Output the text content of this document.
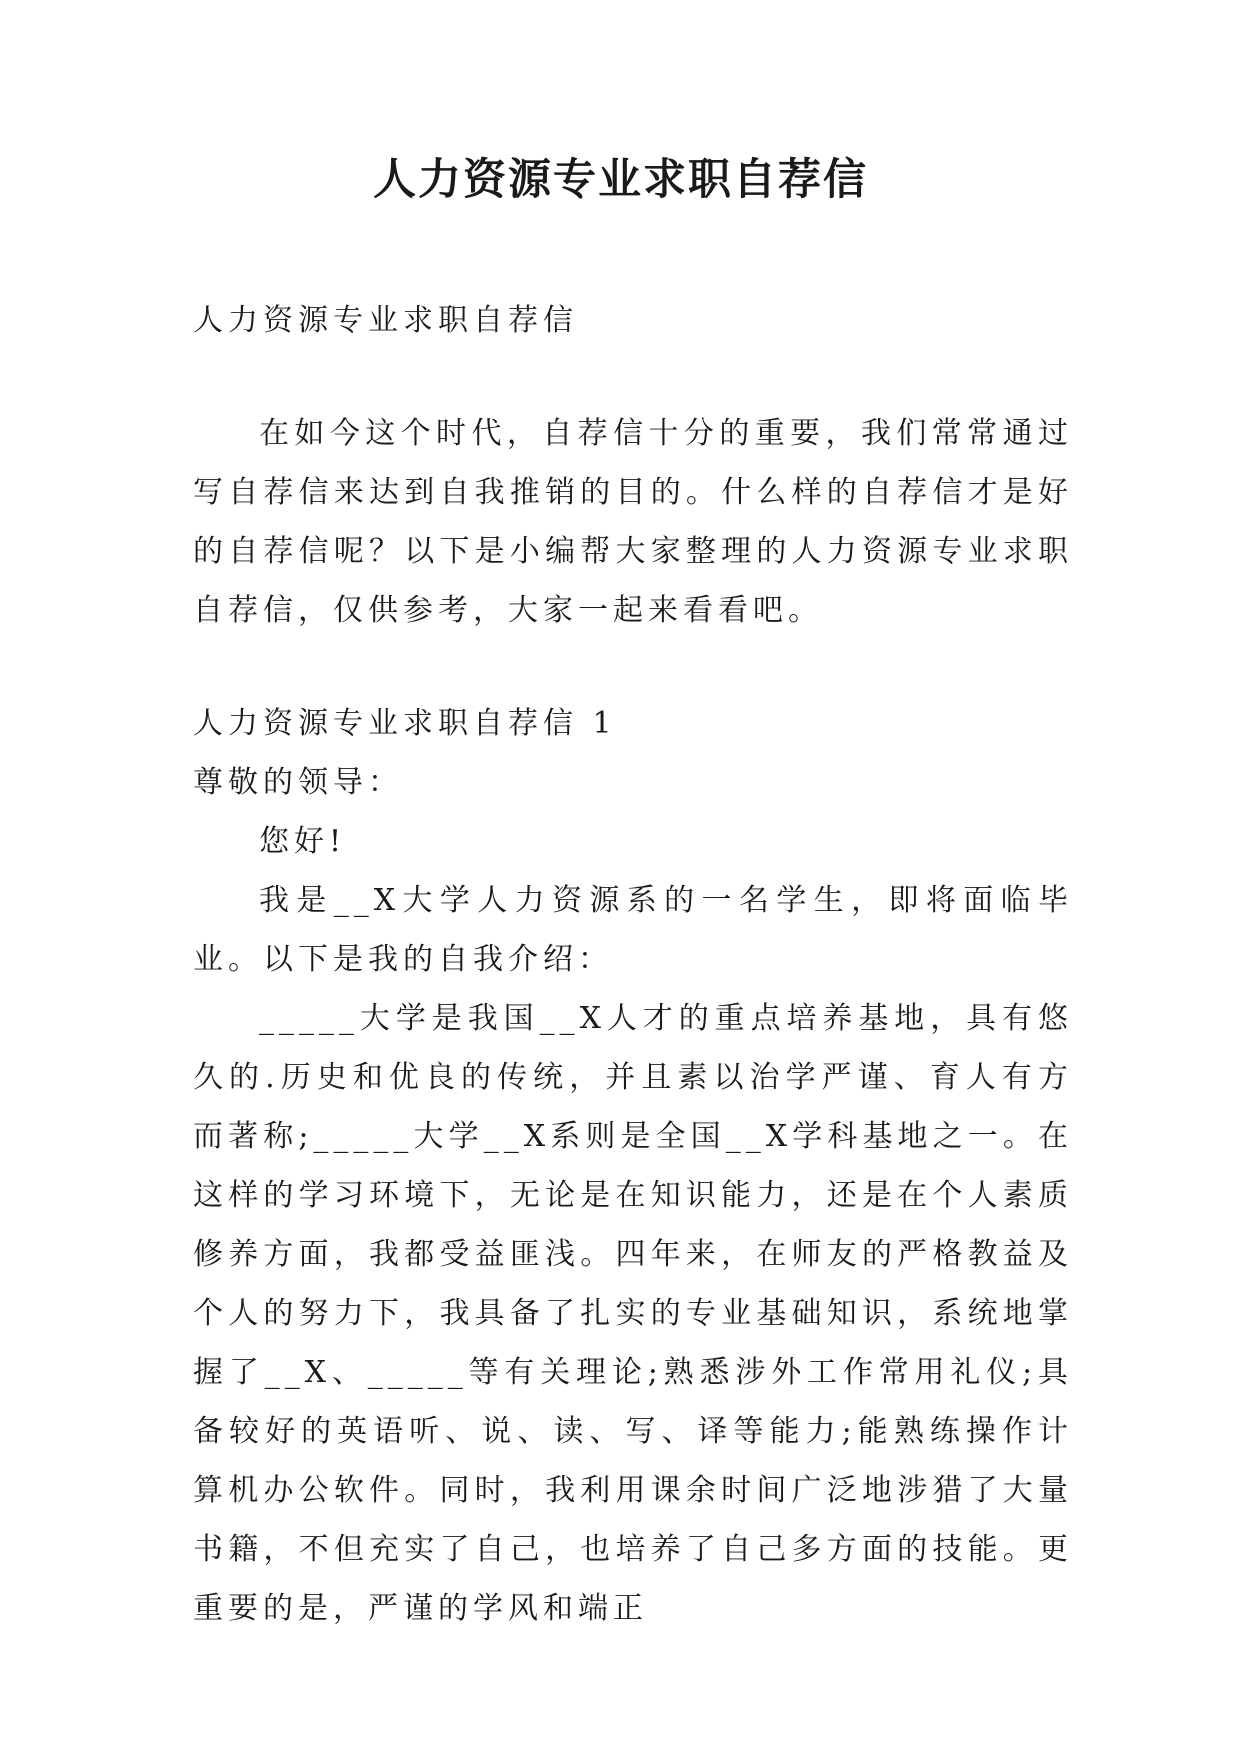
人力资源专业求职自荐信

人力资源专业求职自荐信

在如今这个时代，自荐信十分的重要，我们常常通过写自荐信来达到自我推销的目的。什么样的自荐信才是好的自荐信呢？以下是小编帮大家整理的人力资源专业求职自荐信，仅供参考，大家一起来看看吧。

人力资源专业求职自荐信 1

尊敬的领导：

您好!

我是__X大学人力资源系的一名学生，即将面临毕业。以下是我的自我介绍：

_____大学是我国__X人才的重点培养基地，具有悠久的.历史和优良的传统，并且素以治学严谨、育人有方而著称;_____大学__X系则是全国__X学科基地之一。在这样的学习环境下，无论是在知识能力，还是在个人素质修养方面，我都受益匪浅。四年来，在师友的严格教益及个人的努力下，我具备了扎实的专业基础知识，系统地掌握了__X、_____等有关理论;熟悉涉外工作常用礼仪;具备较好的英语听、说、读、写、译等能力;能熟练操作计算机办公软件。同时，我利用课余时间广泛地涉猎了大量书籍，不但充实了自己，也培养了自己多方面的技能。更重要的是，严谨的学风和端正
